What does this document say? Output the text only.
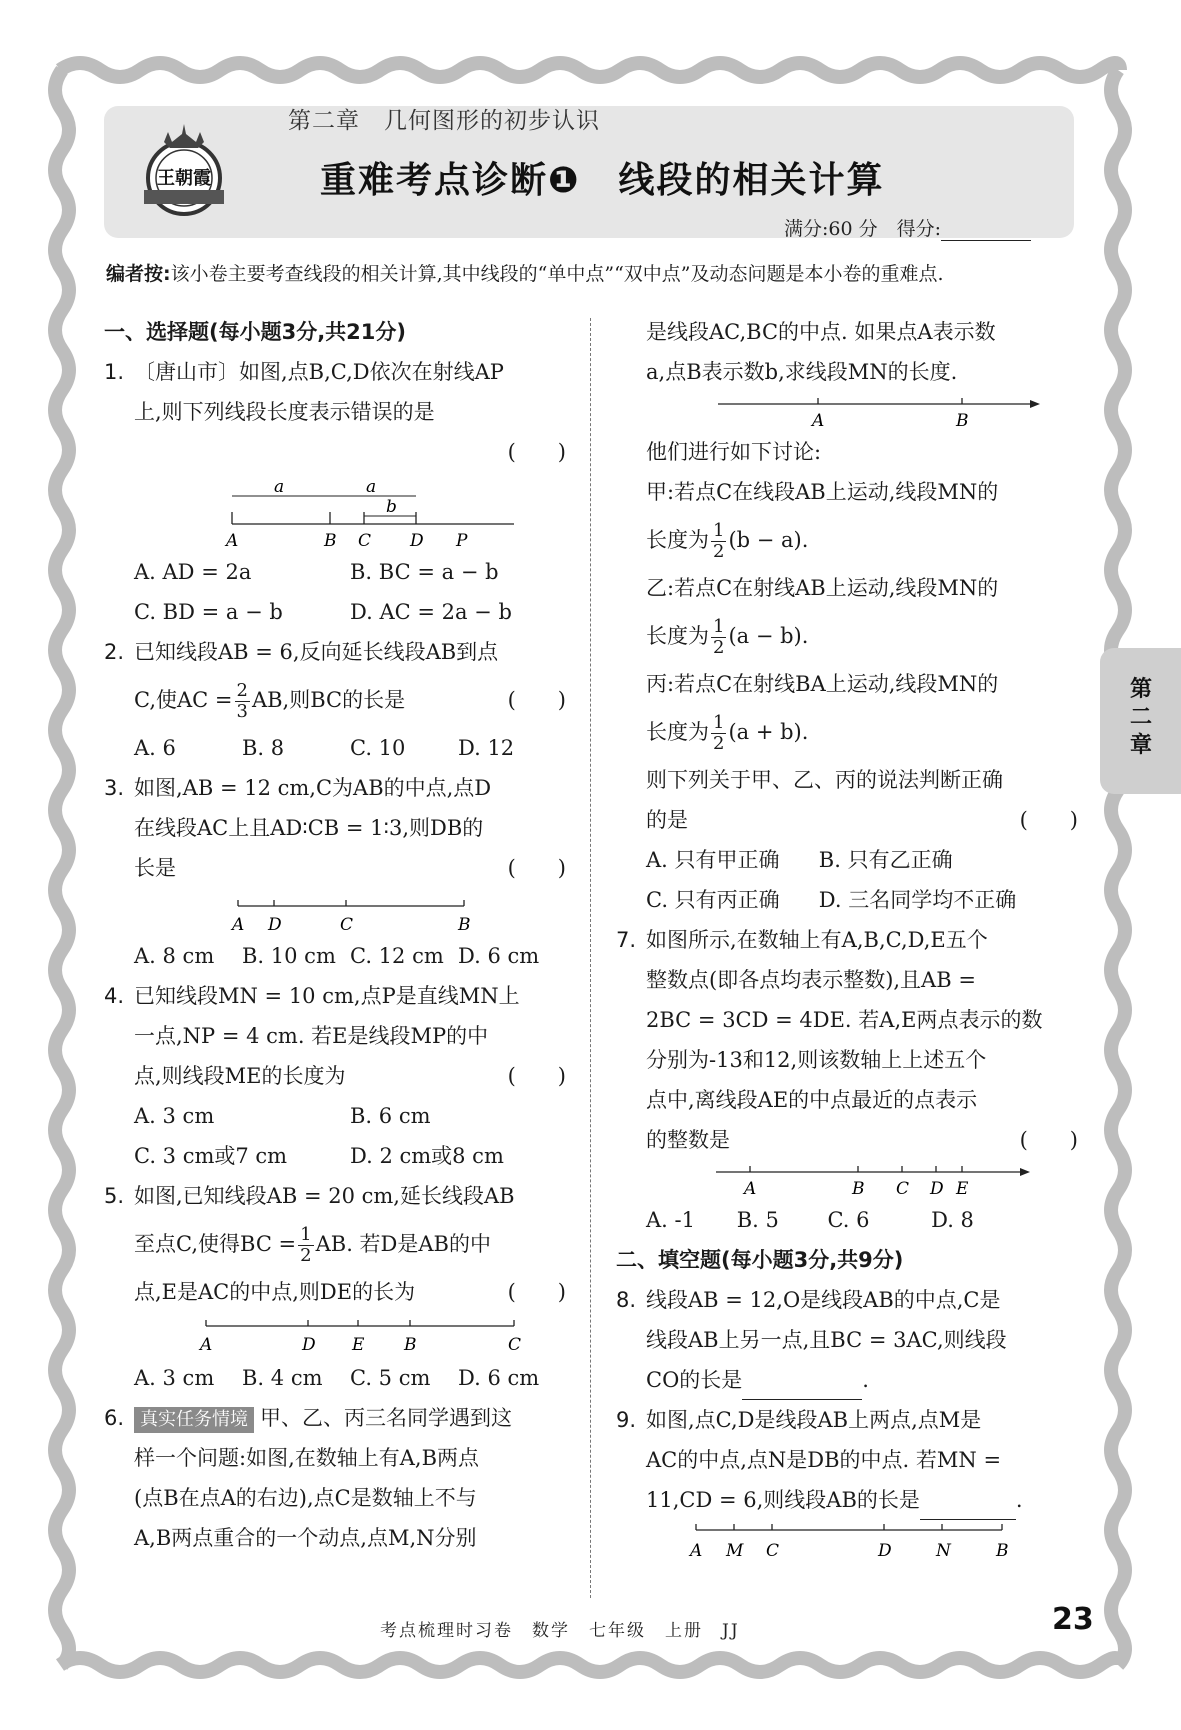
第二章　几何图形的初步认识
王朝霞	重难考点诊断❶　线段的相关计算
满分:60 分　得分:
编者按:该小卷主要考查线段的相关计算,其中线段的“单中点”“双中点”及动态问题是本小卷的重难点.
一、选择题(每小题3分,共21分)
1. 〔唐山市〕如图,点B,C,D依次在射线AP
上,则下列线段长度表示错误的是
(　　)
a	a
b
A	B C D P
A. AD = 2a	B. BC = a − b
C. BD = a − b	D. AC = 2a − b
2. 已知线段AB = 6,反向延长线段AB到点
C,使AC = $\frac{2}{3}$ AB,则BC的长是	(　　)
A. 6	B. 8	C. 10	D. 12
3. 如图,AB = 12 cm,C为AB的中点,点D
在线段AC上且AD∶CB = 1∶3,则DB的
长是	(　　)
A D	C	B
A. 8 cm	B. 10 cm C. 12 cm D. 6 cm
4. 已知线段MN = 10 cm,点P是直线MN上
一点,NP = 4 cm. 若E是线段MP的中
点,则线段ME的长度为	(　　)
A. 3 cm	B. 6 cm
C. 3 cm或7 cm	D. 2 cm或8 cm
5. 如图,已知线段AB = 20 cm,延长线段AB
至点C,使得BC = $\frac{1}{2}$ AB. 若D是AB的中
点,E是AC的中点,则DE的长为	(　　)
A	D E B	C
A. 3 cm	B. 4 cm	C. 5 cm	D. 6 cm
6. 真实任务情境 甲、乙、丙三名同学遇到这
样一个问题:如图,在数轴上有A,B两点
(点B在点A的右边),点C是数轴上不与
A,B两点重合的一个动点,点M,N分别
是线段AC,BC的中点. 如果点A表示数
a,点B表示数b,求线段MN的长度.
A	B
他们进行如下讨论:
甲:若点C在线段AB上运动,线段MN的
长度为 $\frac{1}{2} (b - a)$.
乙:若点C在射线AB上运动,线段MN的
长度为 $\frac{1}{2} (a - b)$.
丙:若点C在射线BA上运动,线段MN的
长度为 $\frac{1}{2} (a + b)$.
则下列关于甲、乙、丙的说法判断正确
的是	(　　)
A. 只有甲正确	B. 只有乙正确
C. 只有丙正确	D. 三名同学均不正确
7. 如图所示,在数轴上有A,B,C,D,E五个
整数点(即各点均表示整数),且AB =
2BC = 3CD = 4DE. 若A,E两点表示的数
分别为-13和12,则该数轴上上述五个
点中,离线段AE的中点最近的点表示
的整数是	(　　)
A	B C D E
A. -1	B. 5	C. 6	D. 8
二、填空题(每小题3分,共9分)
8. 线段AB = 12,O是线段AB的中点,C是
线段AB上另一点,且BC = 3AC,则线段
CO的长是	.
9. 如图,点C,D是线段AB上两点,点M是
AC的中点,点N是DB的中点. 若MN =
11,CD = 6,则线段AB的长是	.
A M C	D	N	B
第二章
考点梳理时习卷　数学　七年级　上册　JJ	23
